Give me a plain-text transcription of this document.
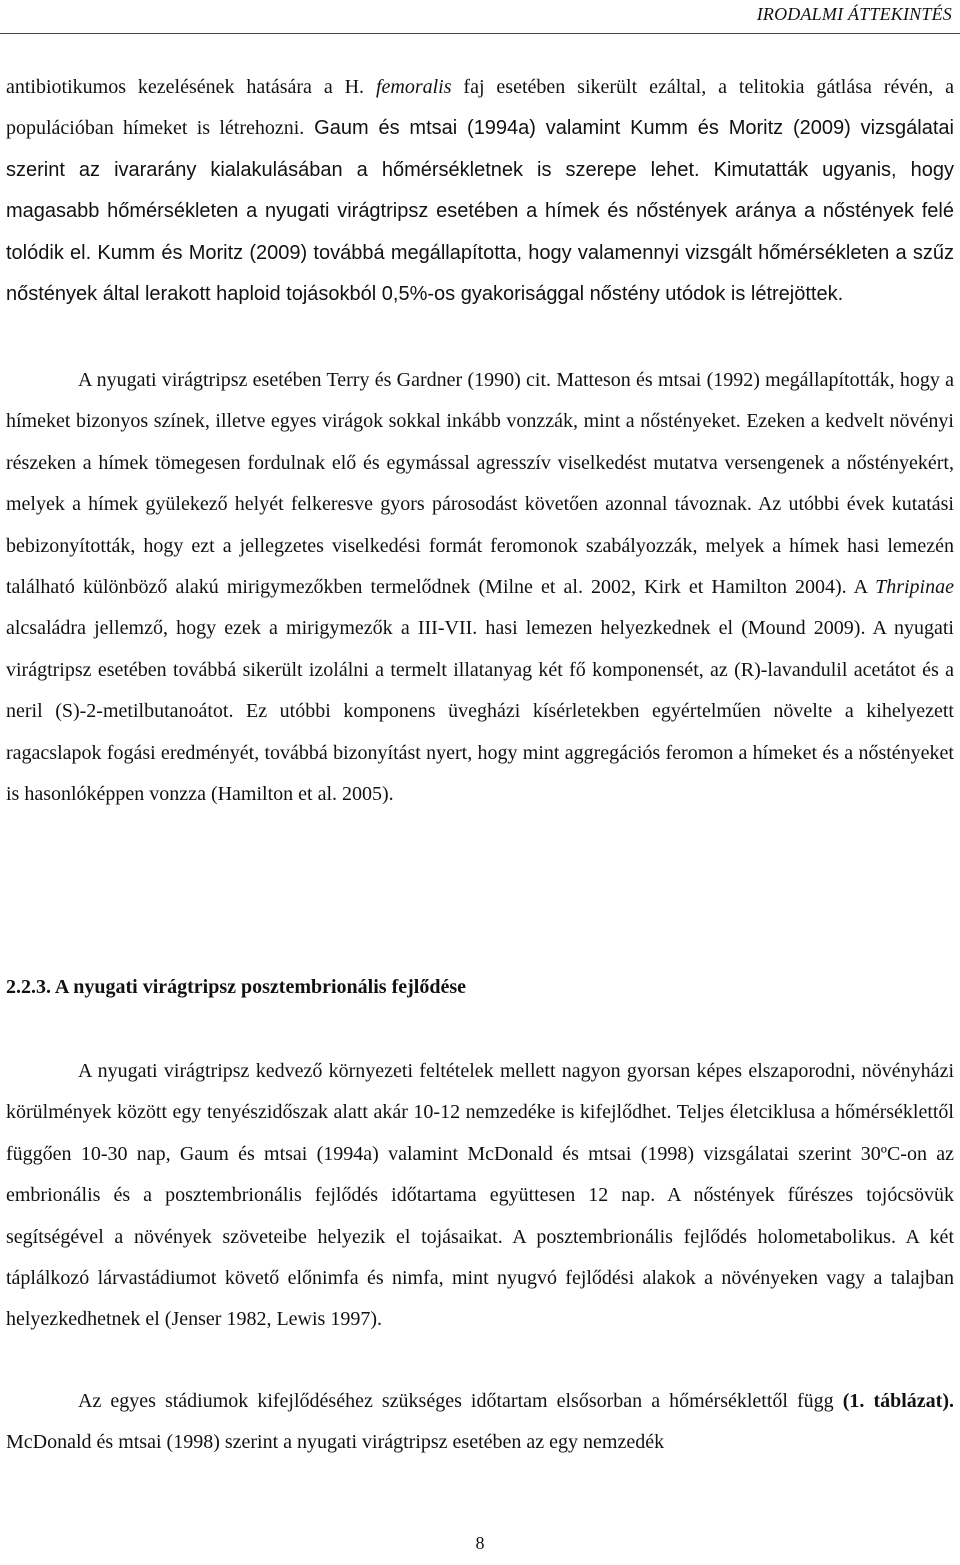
IRODALMI ÁTTEKINTÉS

antibiotikumos kezelésének hatására a H. femoralis faj esetében sikerült ezáltal, a telitokia gátlása révén, a populációban hímeket is létrehozni. Gaum és mtsai (1994a) valamint Kumm és Moritz (2009) vizsgálatai szerint az ivararány kialakulásában a hőmérsékletnek is szerepe lehet. Kimutatták ugyanis, hogy magasabb hőmérsékleten a nyugati virágtripsz esetében a hímek és nőstények aránya a nőstények felé tolódik el. Kumm és Moritz (2009) továbbá megállapította, hogy valamennyi vizsgált hőmérsékleten a szűz nőstények által lerakott haploid tojásokból 0,5%-os gyakorisággal nőstény utódok is létrejöttek.

A nyugati virágtripsz esetében Terry és Gardner (1990) cit. Matteson és mtsai (1992) megállapították, hogy a hímeket bizonyos színek, illetve egyes virágok sokkal inkább vonzzák, mint a nőstényeket. Ezeken a kedvelt növényi részeken a hímek tömegesen fordulnak elő és egymással agresszív viselkedést mutatva versengenek a nőstényekért, melyek a hímek gyülekező helyét felkeresve gyors párosodást követően azonnal távoznak. Az utóbbi évek kutatási bebizonyították, hogy ezt a jellegzetes viselkedési formát feromonok szabályozzák, melyek a hímek hasi lemezén található különböző alakú mirigymezőkben termelődnek (Milne et al. 2002, Kirk et Hamilton 2004). A Thripinae alcsaládra jellemző, hogy ezek a mirigymezők a III-VII. hasi lemezen helyezkednek el (Mound 2009). A nyugati virágtripsz esetében továbbá sikerült izolálni a termelt illatanyag két fő komponensét, az (R)-lavandulil acetátot és a neril (S)-2-metilbutanoátot. Ez utóbbi komponens üvegházi kísérletekben egyértelműen növelte a kihelyezett ragacslapok fogási eredményét, továbbá bizonyítást nyert, hogy mint aggregációs feromon a hímeket és a nőstényeket is hasonlóképpen vonzza (Hamilton et al. 2005).

2.2.3. A nyugati virágtripsz posztembrionális fejlődése

A nyugati virágtripsz kedvező környezeti feltételek mellett nagyon gyorsan képes elszaporodni, növényházi körülmények között egy tenyészidőszak alatt akár 10-12 nemzedéke is kifejlődhet. Teljes életciklusa a hőmérséklettől függően 10-30 nap, Gaum és mtsai (1994a) valamint McDonald és mtsai (1998) vizsgálatai szerint 30ºC-on az embrionális és a posztembrionális fejlődés időtartama együttesen 12 nap. A nőstények fűrészes tojócsövük segítségével a növények szöveteibe helyezik el tojásaikat. A posztembrionális fejlődés holometabolikus. A két táplálkozó lárvastádiumot követő előnimfa és nimfa, mint nyugvó fejlődési alakok a növényeken vagy a talajban helyezkedhetnek el (Jenser 1982, Lewis 1997).

Az egyes stádiumok kifejlődéséhez szükséges időtartam elsősorban a hőmérséklettől függ (1. táblázat). McDonald és mtsai (1998) szerint a nyugati virágtripsz esetében az egy nemzedék

8
